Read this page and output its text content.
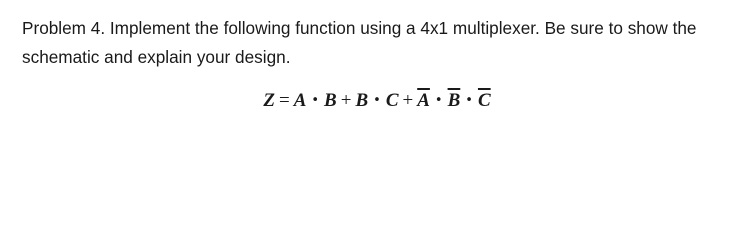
Problem 4. Implement the following function using a 4x1 multiplexer. Be sure to show the schematic and explain your design.

Z = A • B + B • $C + \overline{A}$ • $\overline{B}$ • $\overline{C}$
